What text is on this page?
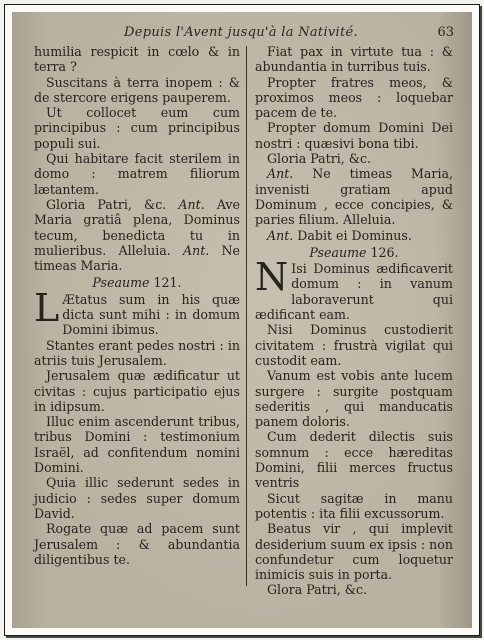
Depuis l'Avent jusqu'à la Nativité.	63

humilia respicit in cœlo & in terra ?

Suscitans à terra inopem : & de stercore erigens pauperem.

Ut collocet eum cum principibus : cum principibus populi sui.

Qui habitare facit sterilem in domo : matrem filiorum lætantem.

Gloria Patri, &c. Ant. Ave Maria gratiâ plena, Dominus tecum, benedicta tu in mulieribus. Alleluia. Ant. Ne timeas Maria.

Pseaume 121.

L Ætatus sum in his quæ dicta sunt mihi : in domum Domini ibimus.

Stantes erant pedes nostri : in atriis tuis Jerusalem.

Jerusalem quæ ædificatur ut civitas : cujus participatio ejus in idipsum.

Illuc enim ascenderunt tribus, tribus Domini : testimonium Israël, ad confitendum nomini Domini.

Quia illic sederunt sedes in judicio : sedes super domum David.

Rogate quæ ad pacem sunt Jerusalem : & abundantia diligentibus te.

Fiat pax in virtute tua : & abundantia in turribus tuis.

Propter fratres meos, & proximos meos : loquebar pacem de te.

Propter domum Domini Dei nostri : quæsivi bona tibi.

Gloria Patri, &c.

Ant. Ne timeas Maria, invenisti gratiam apud Dominum , ecce concipies, & paries filium. Alleluia.

Ant. Dabit ei Dominus.

Pseaume 126.

N Isi Dominus ædificaverit domum : in vanum laboraverunt qui ædificant eam.

Nisi Dominus custodierit civitatem : frustrà vigilat qui custodit eam.

Vanum est vobis ante lucem surgere : surgite postquam sederitis , qui manducatis panem doloris.

Cum dederit dilectis suis somnum : ecce hæreditas Domini, filii merces fructus ventris

Sicut sagitæ in manu potentis : ita filii excussorum.

Beatus vir , qui implevit desiderium suum ex ipsis : non confundetur cum loquetur inimicis suis in porta.

Glora Patri, &c.
